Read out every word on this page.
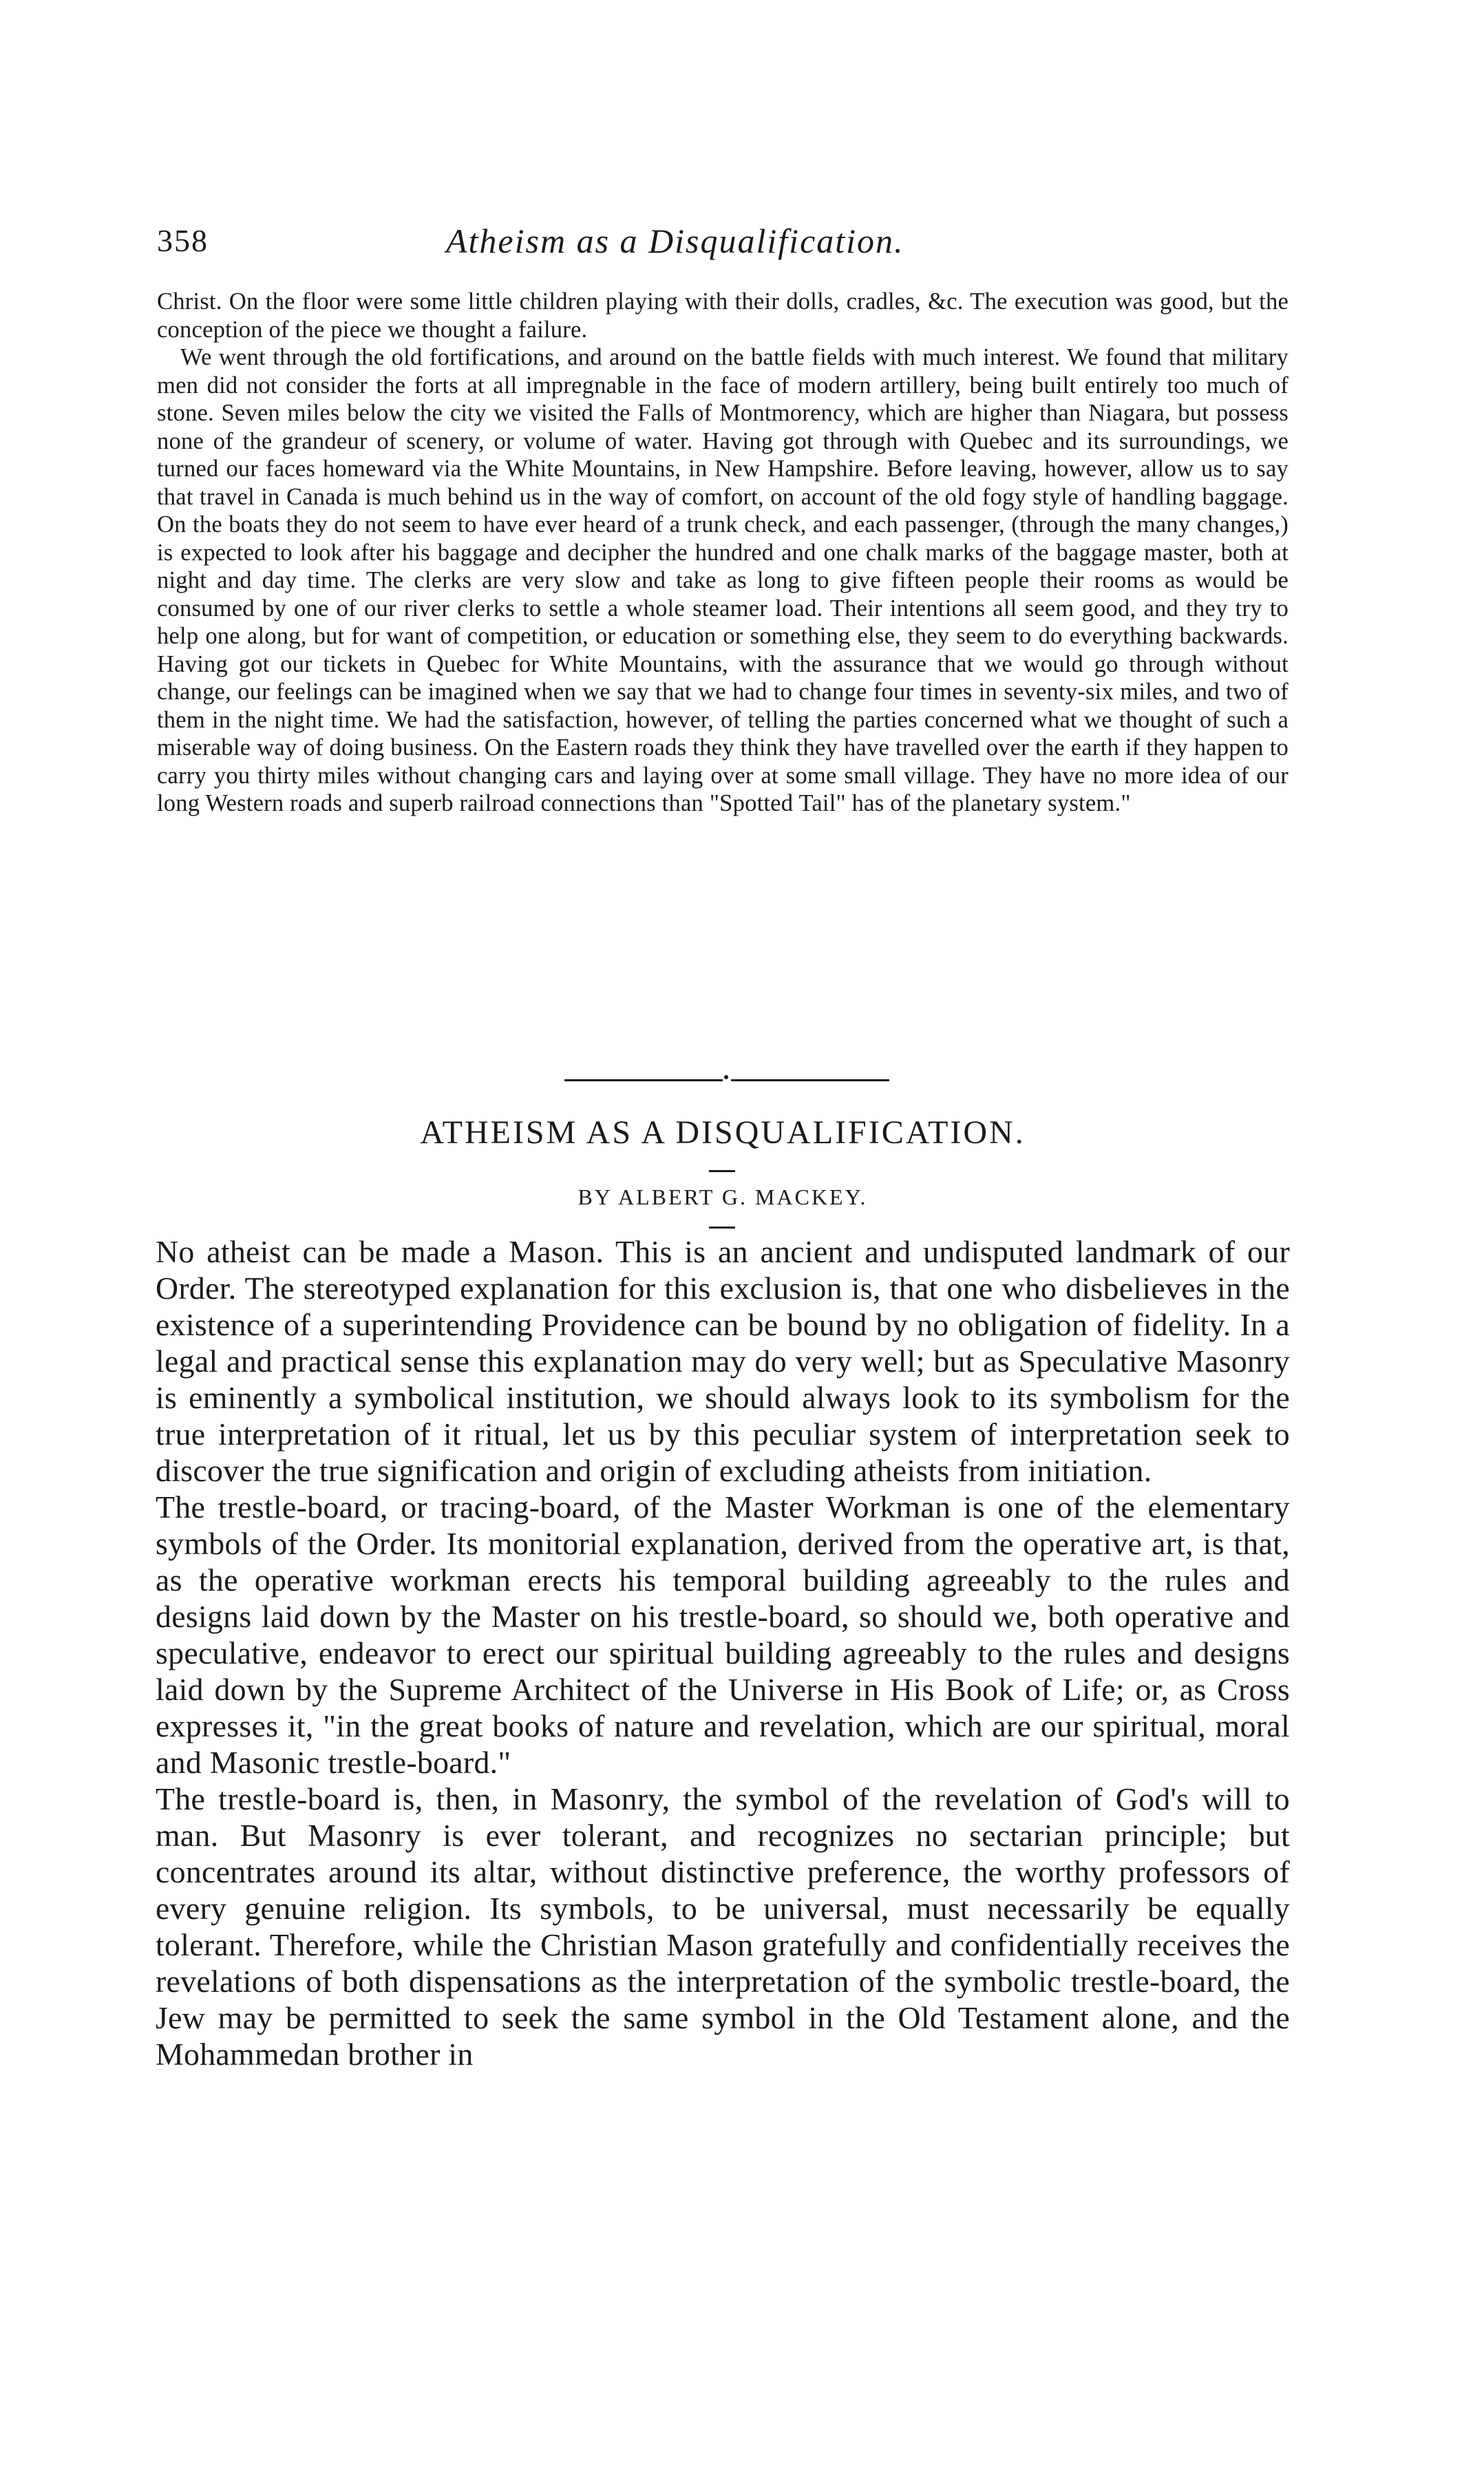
358	Atheism as a Disqualification.

Christ. On the floor were some little children playing with their dolls, cradles, &c. The execution was good, but the conception of the piece we thought a failure.

We went through the old fortifications, and around on the battle fields with much interest. We found that military men did not consider the forts at all impregnable in the face of modern artillery, being built entirely too much of stone. Seven miles below the city we visited the Falls of Montmorency, which are higher than Niagara, but possess none of the grandeur of scenery, or volume of water. Having got through with Quebec and its surroundings, we turned our faces homeward via the White Mountains, in New Hampshire. Before leaving, however, allow us to say that travel in Canada is much behind us in the way of comfort, on account of the old fogy style of handling baggage. On the boats they do not seem to have ever heard of a trunk check, and each passenger, (through the many changes,) is expected to look after his baggage and decipher the hundred and one chalk marks of the baggage master, both at night and day time. The clerks are very slow and take as long to give fifteen people their rooms as would be consumed by one of our river clerks to settle a whole steamer load. Their intentions all seem good, and they try to help one along, but for want of competition, or education or something else, they seem to do everything backwards. Having got our tickets in Quebec for White Mountains, with the assurance that we would go through without change, our feelings can be imagined when we say that we had to change four times in seventy-six miles, and two of them in the night time. We had the satisfaction, however, of telling the parties concerned what we thought of such a miserable way of doing business. On the Eastern roads they think they have travelled over the earth if they happen to carry you thirty miles without changing cars and laying over at some small village. They have no more idea of our long Western roads and superb railroad connections than "Spotted Tail" has of the planetary system."

ATHEISM AS A DISQUALIFICATION.
BY ALBERT G. MACKEY.

No atheist can be made a Mason. This is an ancient and undisputed landmark of our Order. The stereotyped explanation for this exclusion is, that one who disbelieves in the existence of a superintending Providence can be bound by no obligation of fidelity. In a legal and practical sense this explanation may do very well; but as Speculative Masonry is eminently a symbolical institution, we should always look to its symbolism for the true interpretation of it ritual, let us by this peculiar system of interpretation seek to discover the true signification and origin of excluding atheists from initiation.

The trestle-board, or tracing-board, of the Master Workman is one of the elementary symbols of the Order. Its monitorial explanation, derived from the operative art, is that, as the operative workman erects his temporal building agreeably to the rules and designs laid down by the Master on his trestle-board, so should we, both operative and speculative, endeavor to erect our spiritual building agreeably to the rules and designs laid down by the Supreme Architect of the Universe in His Book of Life; or, as Cross expresses it, "in the great books of nature and revelation, which are our spiritual, moral and Masonic trestle-board."

The trestle-board is, then, in Masonry, the symbol of the revelation of God's will to man. But Masonry is ever tolerant, and recognizes no sectarian principle; but concentrates around its altar, without distinctive preference, the worthy professors of every genuine religion. Its symbols, to be universal, must necessarily be equally tolerant. Therefore, while the Christian Mason gratefully and confidentially receives the revelations of both dispensations as the interpretation of the symbolic trestle-board, the Jew may be permitted to seek the same symbol in the Old Testament alone, and the Mohammedan brother in
